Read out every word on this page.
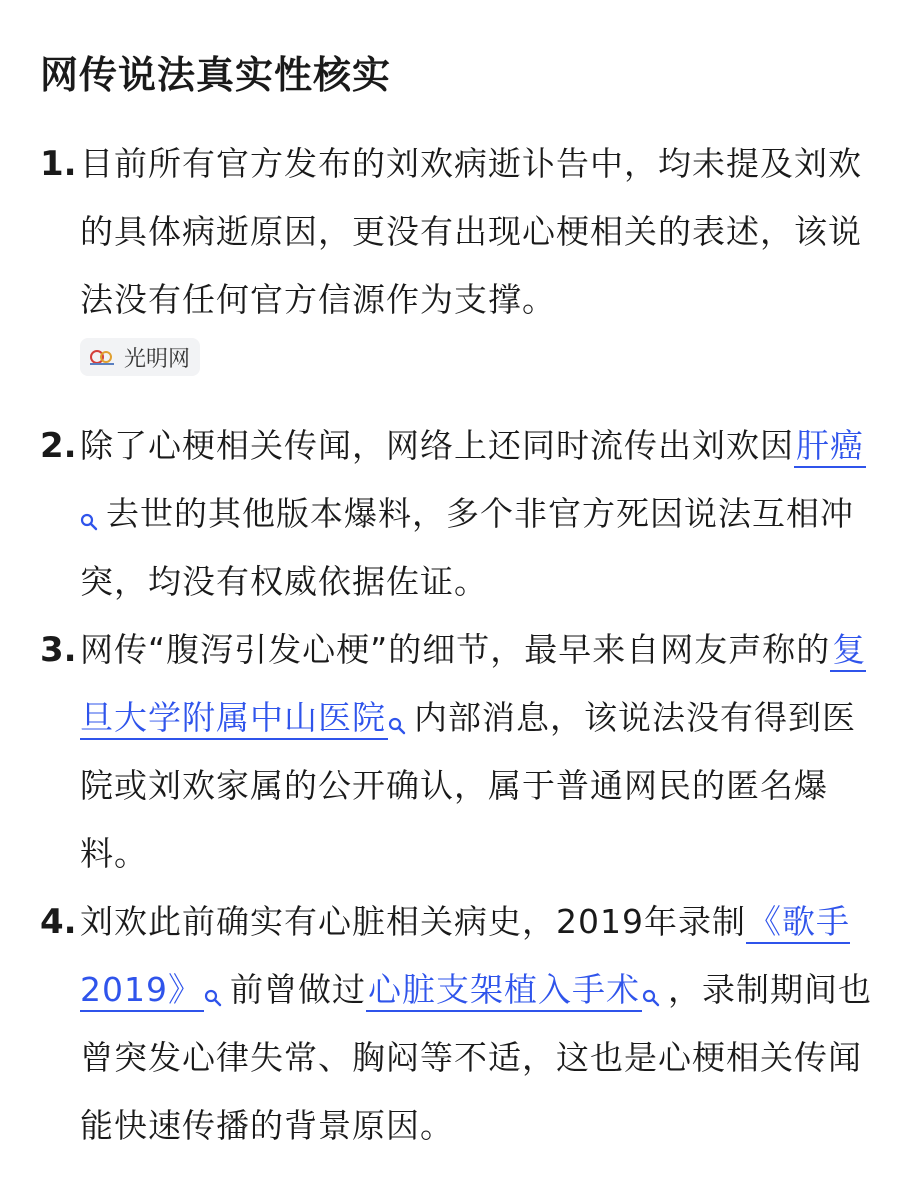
网传说法真实性核实
1. 目前所有官方发布的刘欢病逝讣告中，均未提及刘欢的具体病逝原因，更没有出现心梗相关的表述，该说法没有任何官方信源作为支撑。
光明网
2. 除了心梗相关传闻，网络上还同时流传出刘欢因肝癌去世的其他版本爆料，多个非官方死因说法互相冲突，均没有权威依据佐证。
3. 网传“腹泻引发心梗”的细节，最早来自网友声称的复旦大学附属中山医院 内部消息，该说法没有得到医院或刘欢家属的公开确认，属于普通网民的匿名爆料。
4. 刘欢此前确实有心脏相关病史，2019年录制《歌手2019》 前曾做过心脏支架植入手术 ，录制期间也曾突发心律失常、胸闷等不适，这也是心梗相关传闻能快速传播的背景原因。
